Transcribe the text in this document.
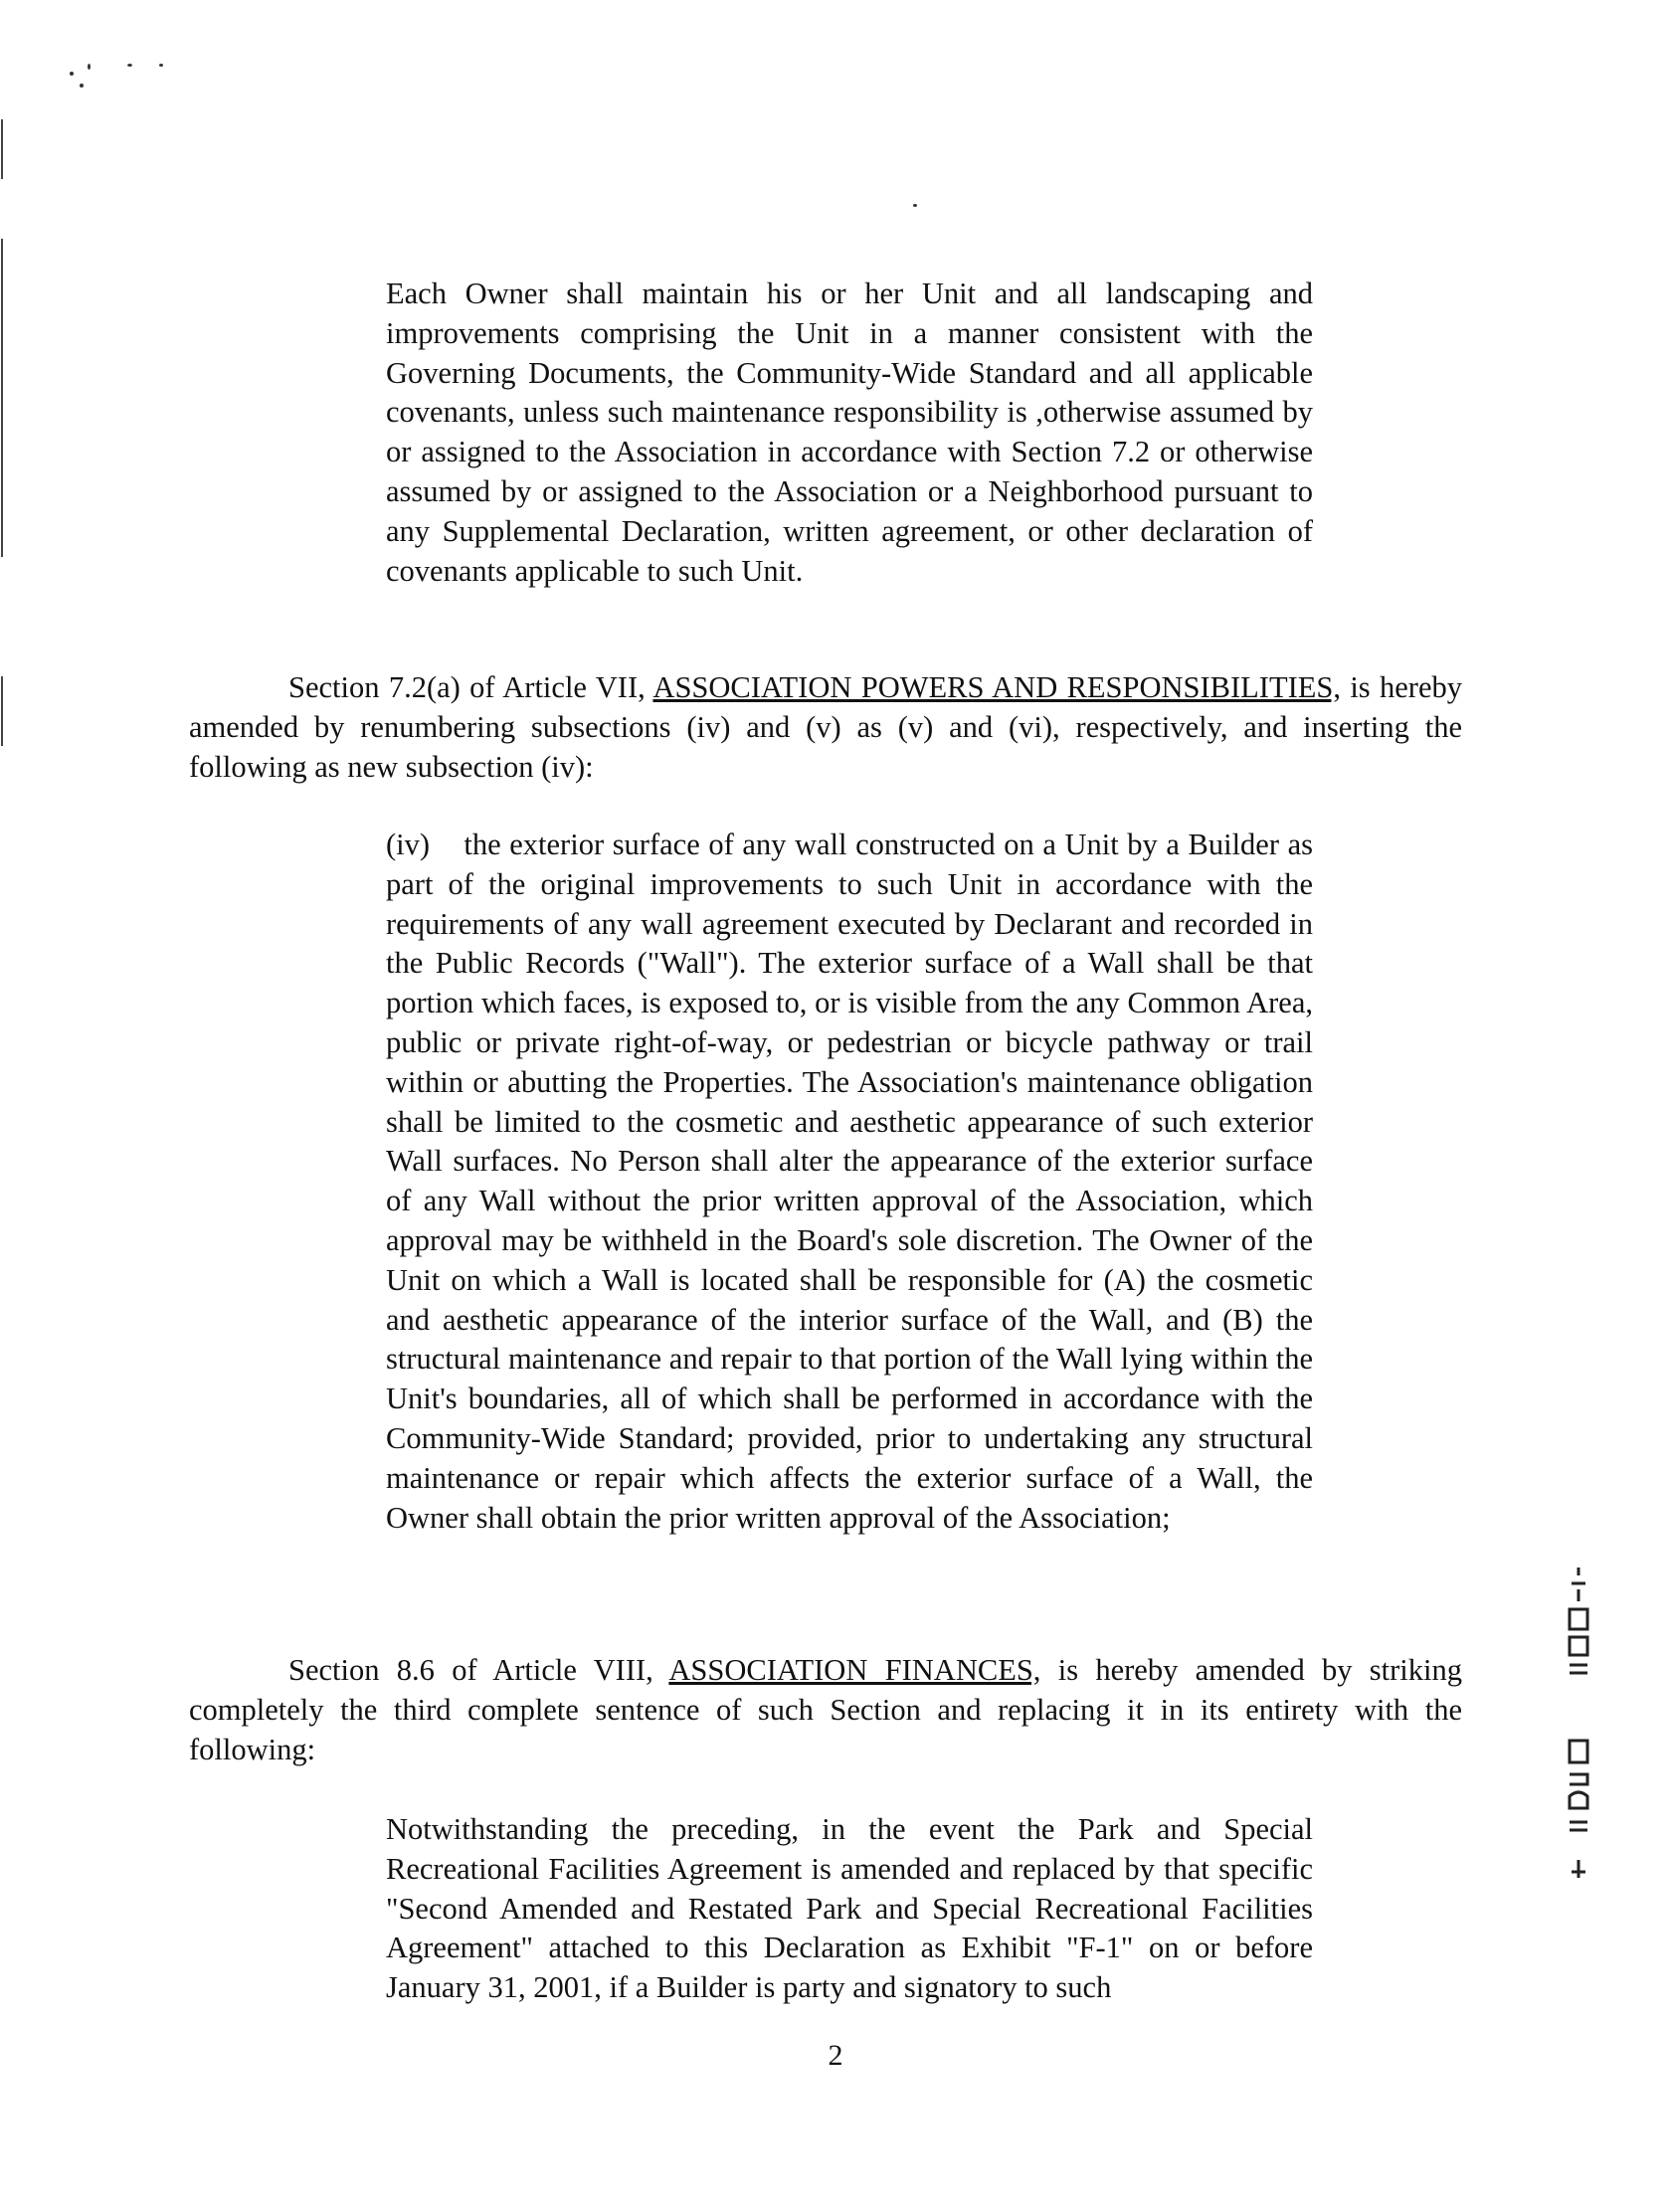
Each Owner shall maintain his or her Unit and all landscaping and improvements comprising the Unit in a manner consistent with the Governing Documents, the Community-Wide Standard and all applicable covenants, unless such maintenance responsibility is ,otherwise assumed by or assigned to the Association in accordance with Section 7.2 or otherwise assumed by or assigned to the Association or a Neighborhood pursuant to any Supplemental Declaration, written agreement, or other declaration of covenants applicable to such Unit.

Section 7.2(a) of Article VII, ASSOCIATION POWERS AND RESPONSIBILITIES, is hereby amended by renumbering subsections (iv) and (v) as (v) and (vi), respectively, and inserting the following as new subsection (iv):

(iv)    the exterior surface of any wall constructed on a Unit by a Builder as part of the original improvements to such Unit in accordance with the requirements of any wall agreement executed by Declarant and recorded in the Public Records ("Wall"). The exterior surface of a Wall shall be that portion which faces, is exposed to, or is visible from the any Common Area, public or private right-of-way, or pedestrian or bicycle pathway or trail within or abutting the Properties. The Association's maintenance obligation shall be limited to the cosmetic and aesthetic appearance of such exterior Wall surfaces. No Person shall alter the appearance of the exterior surface of any Wall without the prior written approval of the Association, which approval may be withheld in the Board's sole discretion. The Owner of the Unit on which a Wall is located shall be responsible for (A) the cosmetic and aesthetic appearance of the interior surface of the Wall, and (B) the structural maintenance and repair to that portion of the Wall lying within the Unit's boundaries, all of which shall be performed in accordance with the Community-Wide Standard; provided, prior to undertaking any structural maintenance or repair which affects the exterior surface of a Wall, the Owner shall obtain the prior written approval of the Association;

Section 8.6 of Article VIII, ASSOCIATION FINANCES, is hereby amended by striking completely the third complete sentence of such Section and replacing it in its entirety with the following:

Notwithstanding the preceding, in the event the Park and Special Recreational Facilities Agreement is amended and replaced by that specific "Second Amended and Restated Park and Special Recreational Facilities Agreement" attached to this Declaration as Exhibit "F-1" on or before January 31, 2001, if a Builder is party and signatory to such

2
